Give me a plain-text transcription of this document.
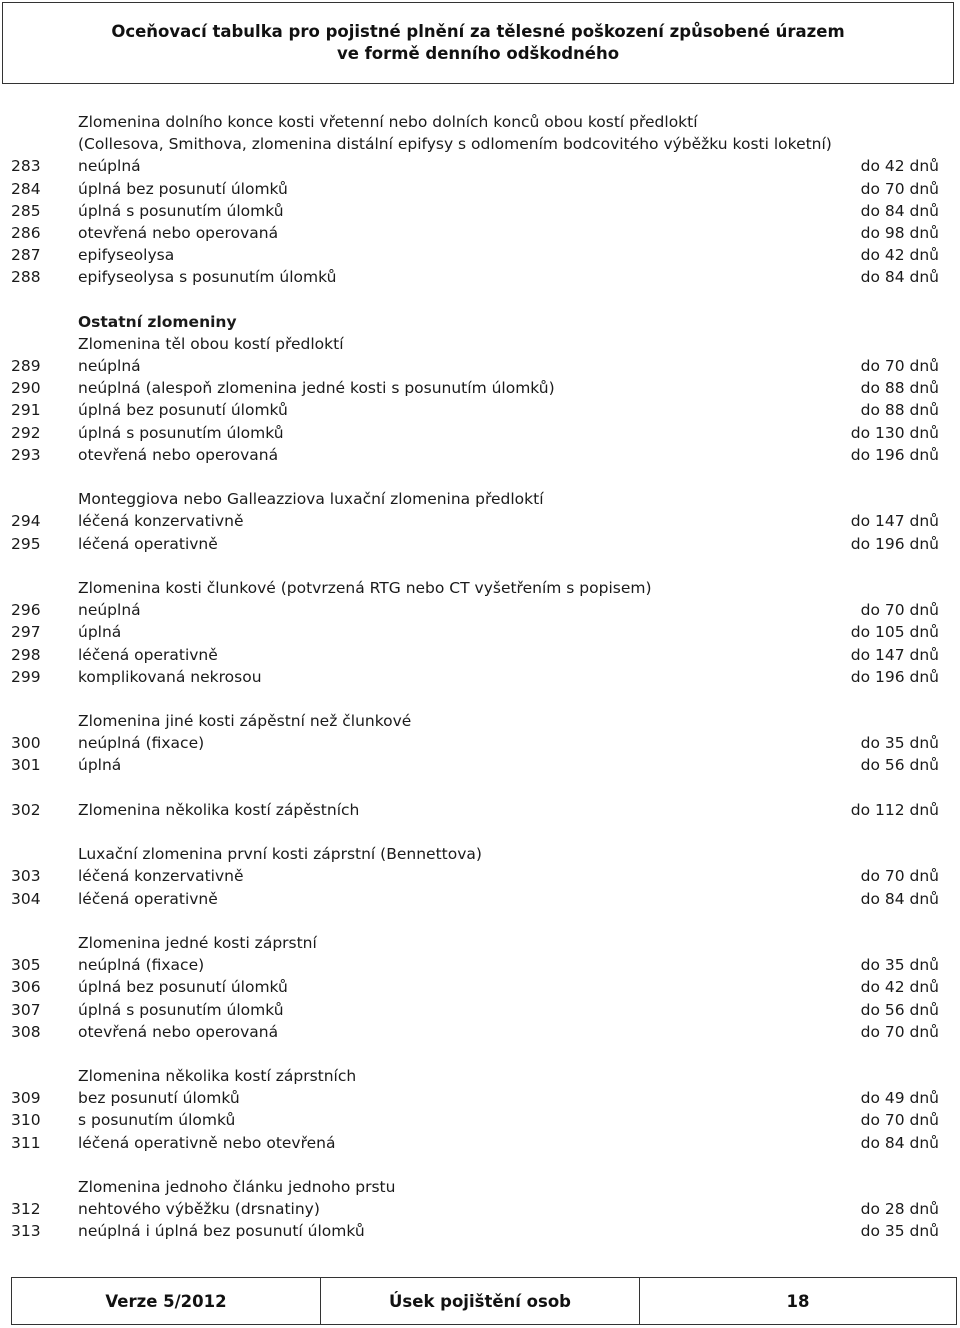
Oceňovací tabulka pro pojistné plnění za tělesné poškození způsobené úrazem
ve formě denního odškodného
Zlomenina dolního konce kosti vřetenní nebo dolních konců obou kostí předloktí
(Collesova, Smithova, zlomenina distální epifysy s odlomením bodcovitého výběžku kosti loketní)
283 neúplná	do 42 dnů
284 úplná bez posunutí úlomků	do 70 dnů
285 úplná s posunutím úlomků	do 84 dnů
286 otevřená nebo operovaná	do 98 dnů
287 epifyseolysa	do 42 dnů
288 epifyseolysa s posunutím úlomků	do 84 dnů
Ostatní zlomeniny
Zlomenina těl obou kostí předloktí
289 neúplná	do 70 dnů
290 neúplná (alespoň zlomenina jedné kosti s posunutím úlomků)	do 88 dnů
291 úplná bez posunutí úlomků	do 88 dnů
292 úplná s posunutím úlomků	do 130 dnů
293 otevřená nebo operovaná	do 196 dnů
Monteggiova nebo Galleazziova luxační zlomenina předloktí
294 léčená konzervativně	do 147 dnů
295 léčená operativně	do 196 dnů
Zlomenina kosti člunkové (potvrzená RTG nebo CT vyšetřením s popisem)
296 neúplná	do 70 dnů
297 úplná	do 105 dnů
298 léčená operativně	do 147 dnů
299 komplikovaná nekrosou	do 196 dnů
Zlomenina jiné kosti zápěstní než člunkové
300 neúplná (fixace)	do 35 dnů
301 úplná	do 56 dnů
302 Zlomenina několika kostí zápěstních	do 112 dnů
Luxační zlomenina první kosti záprstní (Bennettova)
303 léčená konzervativně	do 70 dnů
304 léčená operativně	do 84 dnů
Zlomenina jedné kosti záprstní
305 neúplná (fixace)	do 35 dnů
306 úplná bez posunutí úlomků	do 42 dnů
307 úplná s posunutím úlomků	do 56 dnů
308 otevřená nebo operovaná	do 70 dnů
Zlomenina několika kostí záprstních
309 bez posunutí úlomků	do 49 dnů
310 s posunutím úlomků	do 70 dnů
311 léčená operativně nebo otevřená	do 84 dnů
Zlomenina jednoho článku jednoho prstu
312 nehtového výběžku (drsnatiny)	do 28 dnů
313 neúplná i úplná bez posunutí úlomků	do 35 dnů
Verze 5/2012	Úsek pojištění osob	18
